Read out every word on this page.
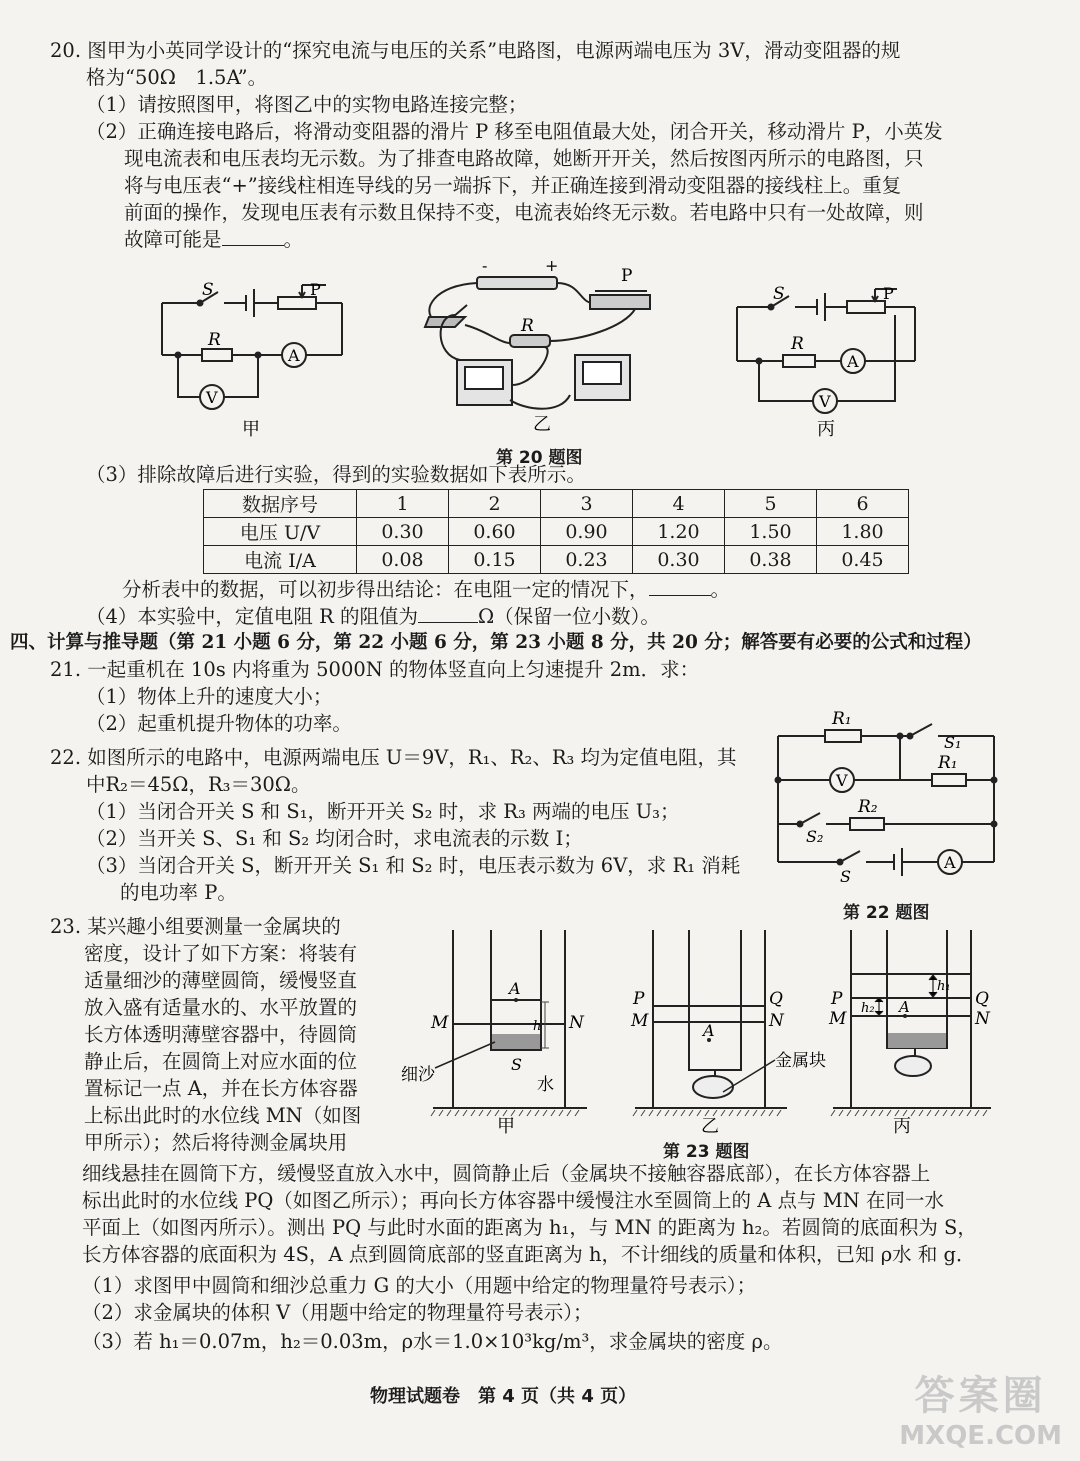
20. 图甲为小英同学设计的“探究电流与电压的关系”电路图，电源两端电压为 3V，滑动变阻器的规
格为“50Ω　1.5A”。
（1）请按照图甲，将图乙中的实物电路连接完整；
（2）正确连接电路后，将滑动变阻器的滑片 P 移至电阻值最大处，闭合开关，移动滑片 P，小英发
现电流表和电压表均无示数。为了排查电路故障，她断开开关，然后按图丙所示的电路图，只
将与电压表“+”接线柱相连导线的另一端拆下，并正确连接到滑动变阻器的接线柱上。重复
前面的操作，发现电压表有示数且保持不变，电流表始终无示数。若电路中只有一处故障，则
故障可能是	。
S	P
R
A
V
甲
-	+
P
R
乙
第 20 题图
S	P
R
A
V
丙
（3）排除故障后进行实验，得到的实验数据如下表所示。
数据序号	1	2	3	4	5	6
电压 U/V	0.30	0.60	0.90	1.20	1.50	1.80
电流 I/A	0.08	0.15	0.23	0.30	0.38	0.45
分析表中的数据，可以初步得出结论：在电阻一定的情况下，	。
（4）本实验中，定值电阻 R 的阻值为	Ω（保留一位小数）。
四、计算与推导题（第 21 小题 6 分，第 22 小题 6 分，第 23 小题 8 分，共 20 分；解答要有必要的公式和过程）
21. 一起重机在 10s 内将重为 5000N 的物体竖直向上匀速提升 2m．求：
（1）物体上升的速度大小；
（2）起重机提升物体的功率。
22. 如图所示的电路中，电源两端电压 U＝9V，R₁、R₂、R₃ 均为定值电阻，其
中R₂＝45Ω，R₃＝30Ω。
（1）当闭合开关 S 和 S₁，断开开关 S₂ 时，求 R₃ 两端的电压 U₃；
（2）当开关 S、S₁ 和 S₂ 均闭合时，求电流表的示数 I；
（3）当闭合开关 S，断开开关 S₁ 和 S₂ 时，电压表示数为 6V，求 R₁ 消耗
的电功率 P。
R₁
S₁
R₁
V
R₂
S₂
S
A
第 22 题图
23. 某兴趣小组要测量一金属块的
密度，设计了如下方案：将装有
适量细沙的薄壁圆筒，缓慢竖直
放入盛有适量水的、水平放置的
长方体透明薄壁容器中，待圆筒
静止后，在圆筒上对应水面的位
置标记一点 A，并在长方体容器
上标出此时的水位线 MN（如图
甲所示）；然后将待测金属块用
M	N
A
h
S
细沙	水
甲
P
M
Q
N
A
金属块
乙
第 23 题图
P
M
Q
N
A
h₁
h₂
丙
细线悬挂在圆筒下方，缓慢竖直放入水中，圆筒静止后（金属块不接触容器底部），在长方体容器上
标出此时的水位线 PQ（如图乙所示）；再向长方体容器中缓慢注水至圆筒上的 A 点与 MN 在同一水
平面上（如图丙所示）。测出 PQ 与此时水面的距离为 h₁，与 MN 的距离为 h₂。若圆筒的底面积为 S，
长方体容器的底面积为 4S，A 点到圆筒底部的竖直距离为 h，不计细线的质量和体积，已知 ρ水 和 g．
（1）求图甲中圆筒和细沙总重力 G 的大小（用题中给定的物理量符号表示）；
（2）求金属块的体积 V（用题中给定的物理量符号表示）；
（3）若 h₁＝0.07m，h₂＝0.03m，ρ水＝1.0×10³kg/m³，求金属块的密度 ρ。
物理试题卷　第 4 页（共 4 页）	答案圈
MXQE.COM
